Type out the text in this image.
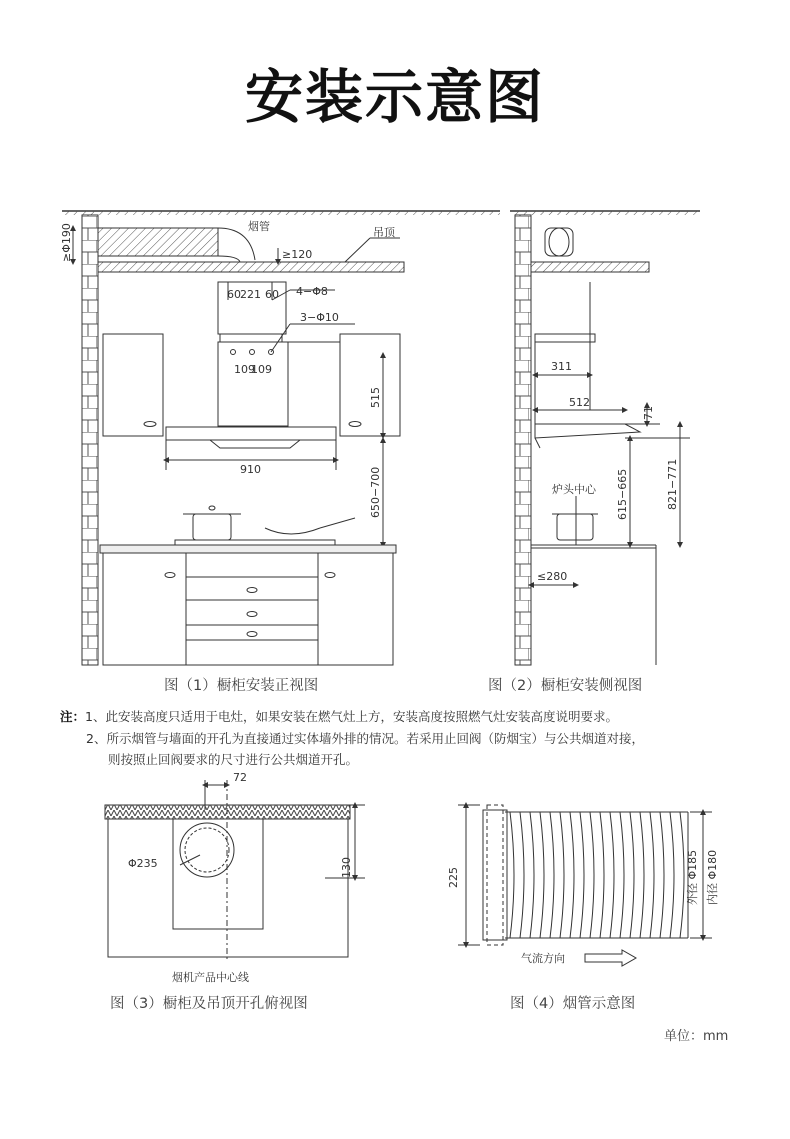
安装示意图
烟管	吊顶
≥120
≥Φ190
60 221 60 4−Φ8
3−Φ10
109
109
515
910	650−700
图（1）橱柜安装正视图
311
512
71
炉头中心 615−665	821−771
≤280
图（2）橱柜安装侧视图
72
Φ235	130
烟机产品中心线
图（3）橱柜及吊顶开孔俯视图
225	外径 Φ185 内径 Φ180
气流方向
图（4）烟管示意图
注：1、此安装高度只适用于电灶，如果安装在燃气灶上方，安装高度按照燃气灶安装高度说明要求。
2、所示烟管与墙面的开孔为直接通过实体墙外排的情况。若采用止回阀（防烟宝）与公共烟道对接，
则按照止回阀要求的尺寸进行公共烟道开孔。
单位：mm
